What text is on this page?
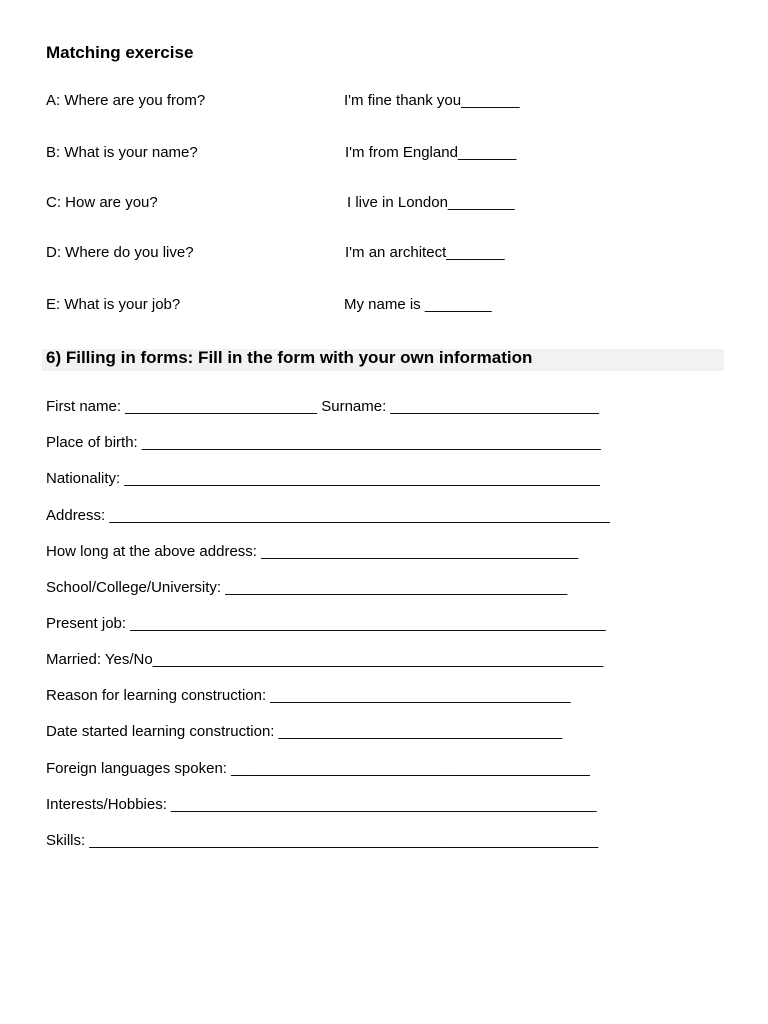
Matching exercise
A: Where are you from?
B: What is your name?
C: How are you?
D: Where do you live?
E: What is your job?
I'm fine thank you_______
I'm from England_______
I live in London________
I'm an architect_______
My name is ________
6) Filling in forms: Fill in the form with your own information
First name: _______________________ Surname: _________________________
Place of birth: _______________________________________________________
Nationality: _________________________________________________________
Address: ____________________________________________________________
How long at the above address: ______________________________________
School/College/University: _________________________________________
Present job: _________________________________________________________
Married: Yes/No______________________________________________________
Reason for learning construction: ____________________________________
Date started learning construction: __________________________________
Foreign languages spoken: ___________________________________________
Interests/Hobbies: ___________________________________________________
Skills: _____________________________________________________________
